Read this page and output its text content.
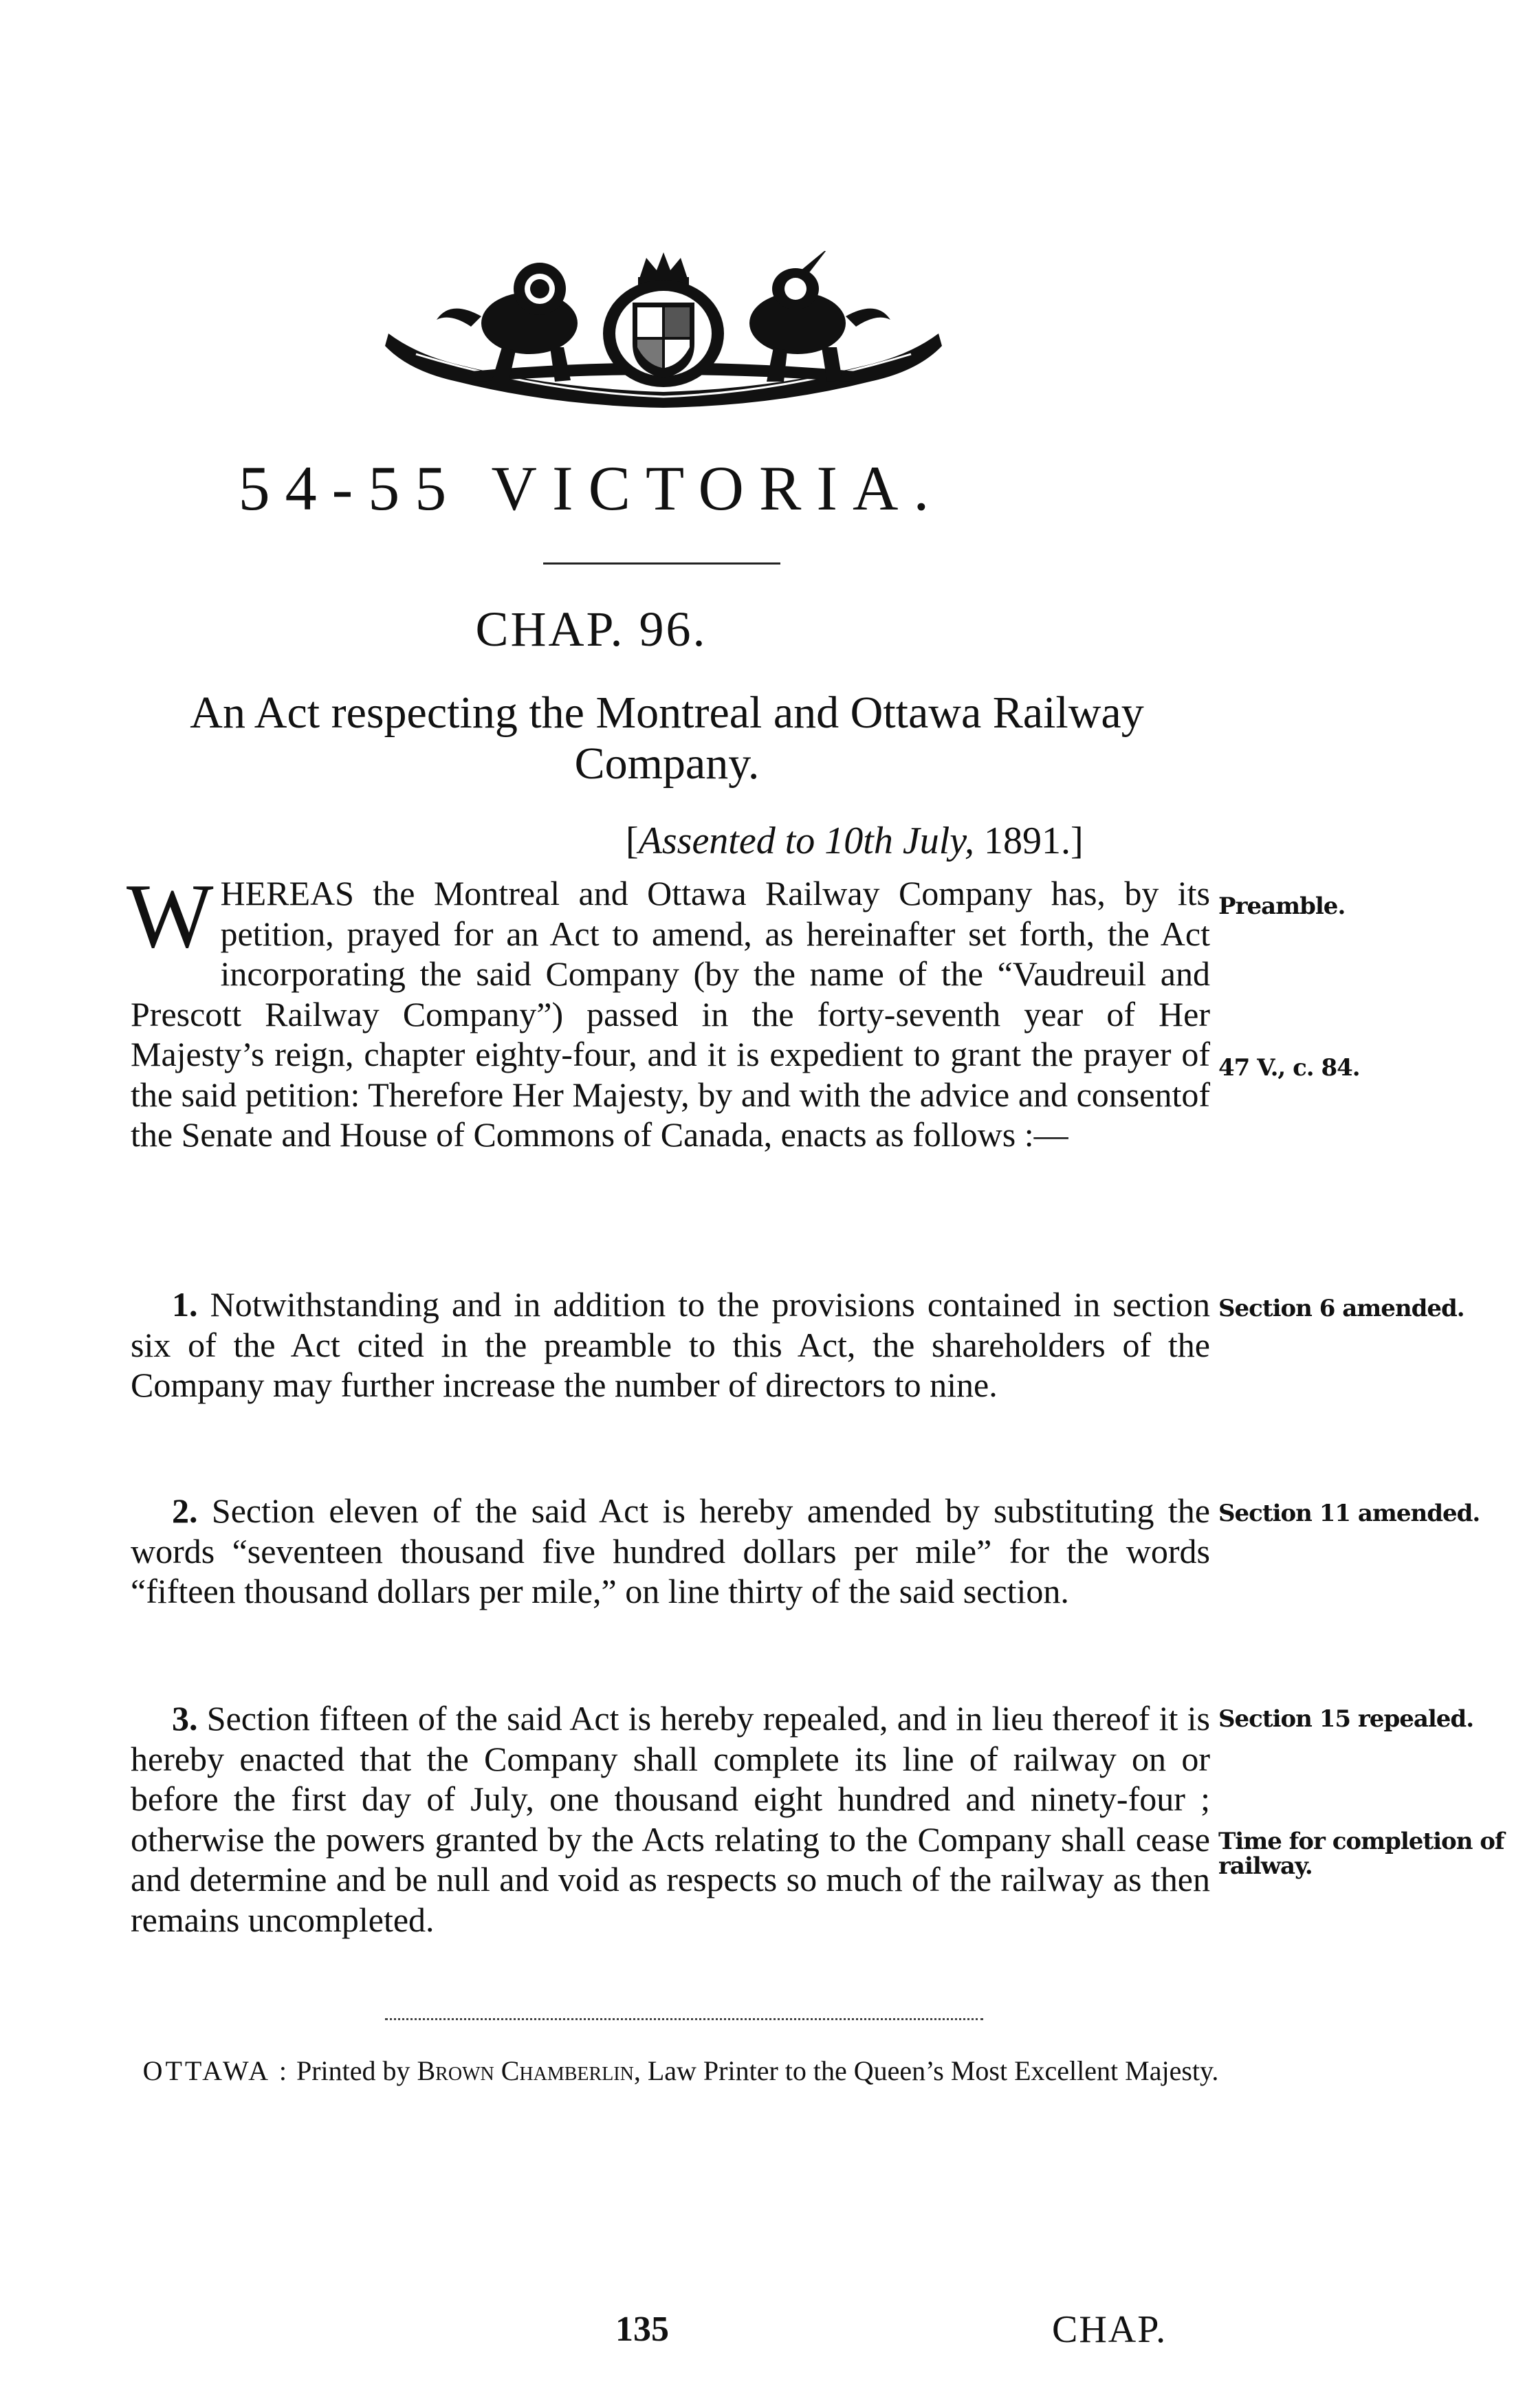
54-55 VICTORIA.
CHAP. 96.
An Act respecting the Montreal and Ottawa Railway Company.
[Assented to 10th July, 1891.]

WHEREAS the Montreal and Ottawa Railway Company has, by its petition, prayed for an Act to amend, as hereinafter set forth, the Act incorporating the said Company (by the name of the “Vaudreuil and Prescott Railway Company”) passed in the forty-seventh year of Her Majesty’s reign, chapter eighty-four, and it is expedient to grant the prayer of the said petition: Therefore Her Majesty, by and with the advice and consentof the Senate and House of Commons of Canada, enacts as follows :—

1. Notwithstanding and in addition to the provisions contained in section six of the Act cited in the preamble to this Act, the shareholders of the Company may further increase the number of directors to nine.

2. Section eleven of the said Act is hereby amended by substituting the words “seventeen thousand five hundred dollars per mile” for the words “fifteen thousand dollars per mile,” on line thirty of the said section.

3. Section fifteen of the said Act is hereby repealed, and in lieu thereof it is hereby enacted that the Company shall complete its line of railway on or before the first day of July, one thousand eight hundred and ninety-four ; otherwise the powers granted by the Acts relating to the Company shall cease and determine and be null and void as respects so much of the railway as then remains uncompleted.

Preamble.
47 V., c. 84.
Section 6 amended.
Section 11 amended.
Section 15 repealed.
Time for completion of railway.
OTTAWA : Printed by Brown Chamberlin, Law Printer to the Queen’s Most Excellent Majesty.
135	CHAP.
